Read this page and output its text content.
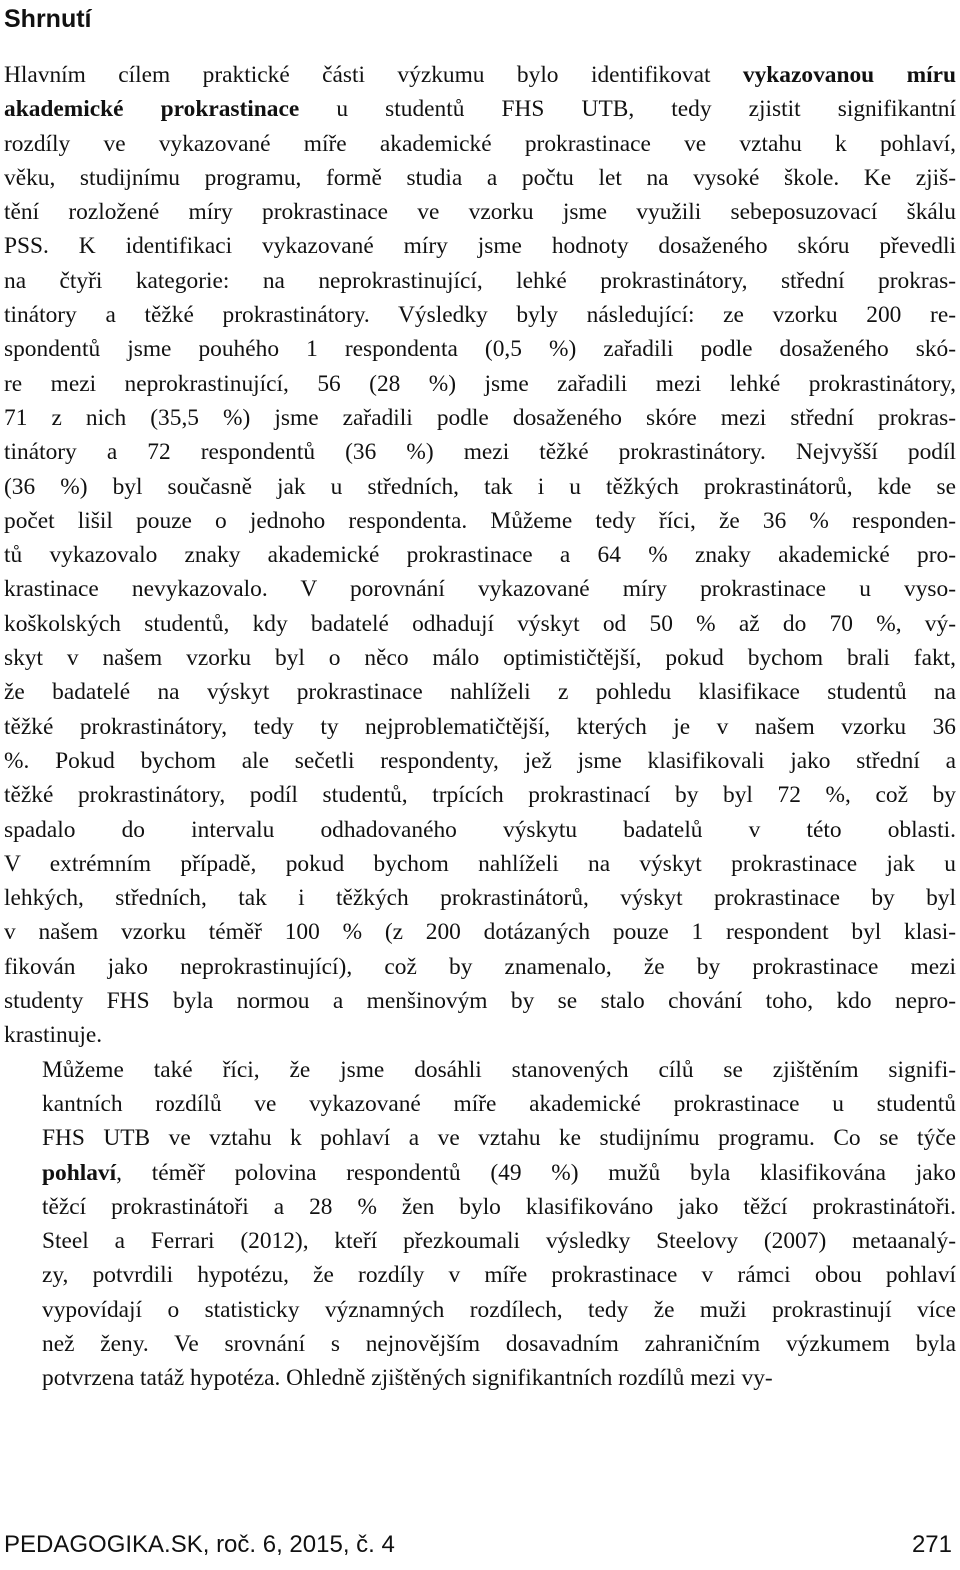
Shrnutí

Hlavním cílem praktické části výzkumu bylo identifikovat vykazovanou míru
akademické prokrastinace u studentů FHS UTB, tedy zjistit signifikantní
rozdíly ve vykazované míře akademické prokrastinace ve vztahu k pohlaví,
věku, studijnímu programu, formě studia a počtu let na vysoké škole. Ke zjiš-
tění rozložené míry prokrastinace ve vzorku jsme využili sebeposuzovací škálu
PSS. K identifikaci vykazované míry jsme hodnoty dosaženého skóru převedli
na čtyři kategorie: na neprokrastinující, lehké prokrastinátory, střední prokras-
tinátory a těžké prokrastinátory. Výsledky byly následující: ze vzorku 200 re-
spondentů jsme pouhého 1 respondenta (0,5 %) zařadili podle dosaženého skó-
re mezi neprokrastinující, 56 (28 %) jsme zařadili mezi lehké prokrastinátory,
71 z nich (35,5 %) jsme zařadili podle dosaženého skóre mezi střední prokras-
tinátory a 72 respondentů (36 %) mezi těžké prokrastinátory. Nejvyšší podíl
(36 %) byl současně jak u středních, tak i u těžkých prokrastinátorů, kde se
počet lišil pouze o jednoho respondenta. Můžeme tedy říci, že 36 % responden-
tů vykazovalo znaky akademické prokrastinace a 64 % znaky akademické pro-
krastinace nevykazovalo. V porovnání vykazované míry prokrastinace u vyso-
koškolských studentů, kdy badatelé odhadují výskyt od 50 % až do 70 %, vý-
skyt v našem vzorku byl o něco málo optimističtější, pokud bychom brali fakt,
že badatelé na výskyt prokrastinace nahlíželi z pohledu klasifikace studentů na
těžké prokrastinátory, tedy ty nejproblematičtější, kterých je v našem vzorku 36
%. Pokud bychom ale sečetli respondenty, jež jsme klasifikovali jako střední a
těžké prokrastinátory, podíl studentů, trpících prokrastinací by byl 72 %, což by
spadalo do intervalu odhadovaného výskytu badatelů v této oblasti.
V extrémním případě, pokud bychom nahlíželi na výskyt prokrastinace jak u
lehkých, středních, tak i těžkých prokrastinátorů, výskyt prokrastinace by byl
v našem vzorku téměř 100 % (z 200 dotázaných pouze 1 respondent byl klasi-
fikován jako neprokrastinující), což by znamenalo, že by prokrastinace mezi
studenty FHS byla normou a menšinovým by se stalo chování toho, kdo nepro-
krastinuje.

Můžeme také říci, že jsme dosáhli stanovených cílů se zjištěním signifi-
kantních rozdílů ve vykazované míře akademické prokrastinace u studentů
FHS UTB ve vztahu k pohlaví a ve vztahu ke studijnímu programu. Co se týče
pohlaví, téměř polovina respondentů (49 %) mužů byla klasifikována jako
těžcí prokrastinátoři a 28 % žen bylo klasifikováno jako těžcí prokrastinátoři.
Steel a Ferrari (2012), kteří přezkoumali výsledky Steelovy (2007) metaanalý-
zy, potvrdili hypotézu, že rozdíly v míře prokrastinace v rámci obou pohlaví
vypovídají o statisticky významných rozdílech, tedy že muži prokrastinují více
než ženy. Ve srovnání s nejnovějším dosavadním zahraničním výzkumem byla
potvrzena tatáž hypotéza. Ohledně zjištěných signifikantních rozdílů mezi vy-

PEDAGOGIKA.SK, roč. 6, 2015, č. 4	271
